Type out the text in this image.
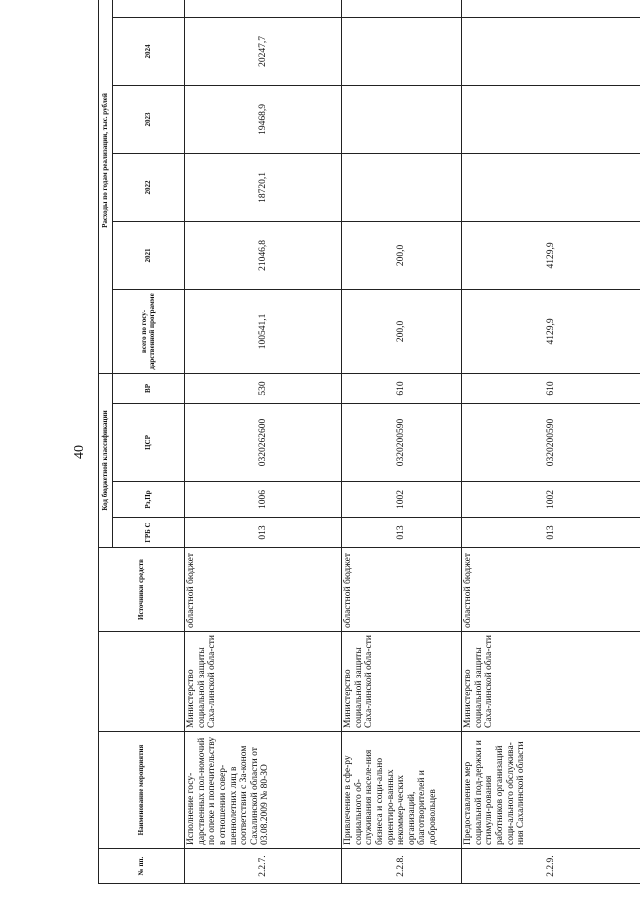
40
№ пп.	Наименование мероприятия		Источники средств	Код бюджетной классификации				Расходы по годам реализации, тыс. рублей					
				ГРБ С	Рз,Пр	ЦСР	ВР	всего по госу-дарственной программе	2021	2022	2023	2024	
2.2.7.	Исполнение госу-дарственных пол-номочий по опеке и попечительству в отношении совер-шеннолетних лиц в соответствии с За-коном Сахалинской области от 03.08.2009 № 80-ЗО	Министерство социальной защиты Саха-линской обла-сти	областной бюджет	013	1006	0320262600	530	100541,1	21046,8	18720,1	19468,9	20247,7	
2.2.8.	Привлечение в сфе-ру социального об-служивания населе-ния бизнеса и соци-ально ориентиро-ванных некоммер-ческих организаций, благотворителей и добровольцев	Министерство социальной защиты Саха-линской обла-сти	областной бюджет	013	1002	0320200590	610	200,0	200,0				
2.2.9.	Предоставление мер социальной под-держки и стимули-рования работников организаций соци-ального обслужива-ния Сахалинской области	Министерство социальной защиты Саха-линской обла-сти	областной бюджет	013	1002	0320200590	610	4129,9	4129,9				
